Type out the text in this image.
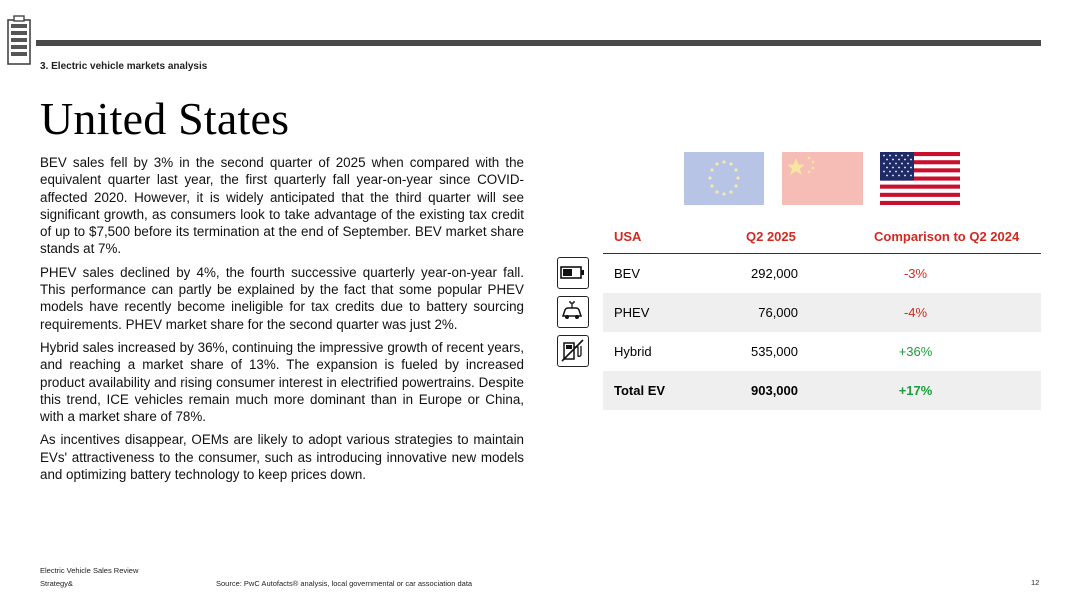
3. Electric vehicle markets analysis
United States

BEV sales fell by 3% in the second quarter of 2025 when compared with the equivalent quarter last year, the first quarterly fall year-on-year since COVID-affected 2020. However, it is widely anticipated that the third quarter will see significant growth, as consumers look to take advantage of the existing tax credit of up to $7,500 before its termination at the end of September. BEV market share stands at 7%.

PHEV sales declined by 4%, the fourth successive quarterly year-on-year fall. This performance can partly be explained by the fact that some popular PHEV models have recently become ineligible for tax credits due to battery sourcing requirements. PHEV market share for the second quarter was just 2%.

Hybrid sales increased by 36%, continuing the impressive growth of recent years, and reaching a market share of 13%. The expansion is fueled by increased product availability and rising consumer interest in electrified powertrains. Despite this trend, ICE vehicles remain much more dominant than in Europe or China, with a market share of 78%.

As incentives disappear, OEMs are likely to adopt various strategies to maintain EVs' attractiveness to the consumer, such as introducing innovative new models and optimizing battery technology to keep prices down.

USA	Q2 2025	Comparison to Q2 2024
BEV	292,000	-3%
PHEV	76,000	-4%
Hybrid	535,000	+36%
Total EV	903,000	+17%
Electric Vehicle Sales Review
Strategy&	Source: PwC Autofacts® analysis, local governmental or car association data	12
